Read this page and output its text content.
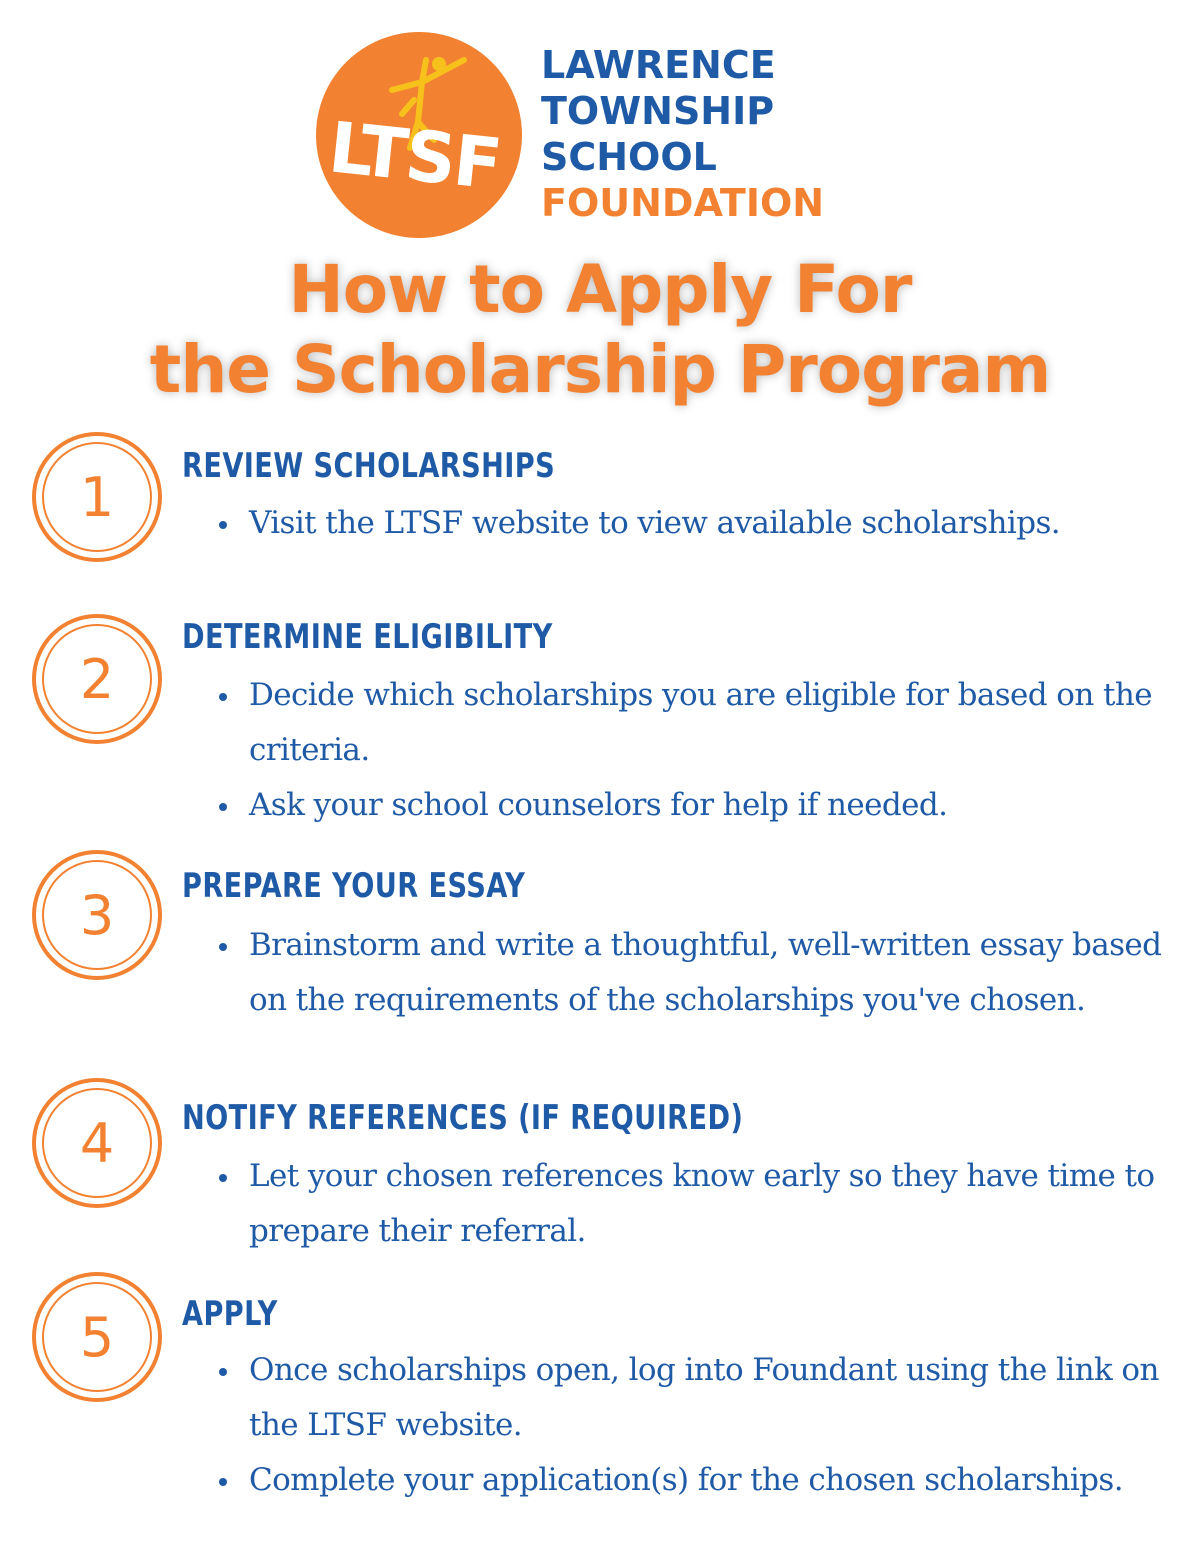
LTSF
LAWRENCE
TOWNSHIP
SCHOOL
FOUNDATION
How to Apply For
the Scholarship Program
1 REVIEW SCHOLARSHIPS
Visit the LTSF website to view available scholarships.
2
DETERMINE ELIGIBILITY
Decide which scholarships you are eligible for based on the criteria.
Ask your school counselors for help if needed.
3 PREPARE YOUR ESSAY
Brainstorm and write a thoughtful, well-written essay based on the requirements of the scholarships you've chosen.
4 NOTIFY REFERENCES (IF REQUIRED)
Let your chosen references know early so they have time to prepare their referral.
5 APPLY
Once scholarships open, log into Foundant using the link on the LTSF website.
Complete your application(s) for the chosen scholarships.
